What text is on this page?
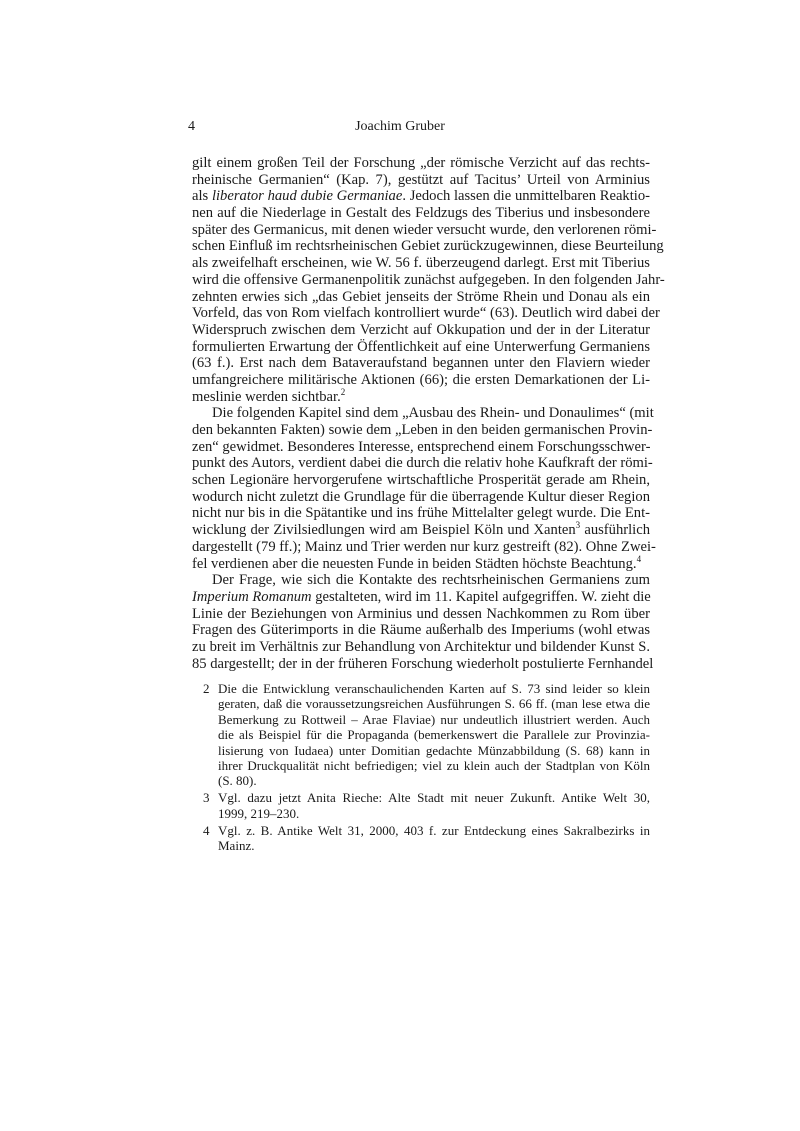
4	Joachim Gruber
gilt einem großen Teil der Forschung „der römische Verzicht auf das rechts-
rheinische Germanien“ (Kap. 7), gestützt auf Tacitus’ Urteil von Arminius
als liberator haud dubie Germaniae. Jedoch lassen die unmittelbaren Reaktio-
nen auf die Niederlage in Gestalt des Feldzugs des Tiberius und insbesondere
später des Germanicus, mit denen wieder versucht wurde, den verlorenen römi-
schen Einfluß im rechtsrheinischen Gebiet zurückzugewinnen, diese Beurteilung
als zweifelhaft erscheinen, wie W. 56 f. überzeugend darlegt. Erst mit Tiberius
wird die offensive Germanenpolitik zunächst aufgegeben. In den folgenden Jahr-
zehnten erwies sich „das Gebiet jenseits der Ströme Rhein und Donau als ein
Vorfeld, das von Rom vielfach kontrolliert wurde“ (63). Deutlich wird dabei der
Widerspruch zwischen dem Verzicht auf Okkupation und der in der Literatur
formulierten Erwartung der Öffentlichkeit auf eine Unterwerfung Germaniens
(63 f.). Erst nach dem Bataveraufstand begannen unter den Flaviern wieder
umfangreichere militärische Aktionen (66); die ersten Demarkationen der Li-
meslinie werden sichtbar.$^2$
Die folgenden Kapitel sind dem „Ausbau des Rhein- und Donaulimes“ (mit
den bekannten Fakten) sowie dem „Leben in den beiden germanischen Provin-
zen“ gewidmet. Besonderes Interesse, entsprechend einem Forschungsschwer-
punkt des Autors, verdient dabei die durch die relativ hohe Kaufkraft der römi-
schen Legionäre hervorgerufene wirtschaftliche Prosperität gerade am Rhein,
wodurch nicht zuletzt die Grundlage für die überragende Kultur dieser Region
nicht nur bis in die Spätantike und ins frühe Mittelalter gelegt wurde. Die Ent-
wicklung der Zivilsiedlungen wird am Beispiel Köln und Xanten$^3$ ausführlich
dargestellt (79 ff.); Mainz und Trier werden nur kurz gestreift (82). Ohne Zwei-
fel verdienen aber die neuesten Funde in beiden Städten höchste Beachtung.$^4$
Der Frage, wie sich die Kontakte des rechtsrheinischen Germaniens zum
Imperium Romanum gestalteten, wird im 11. Kapitel aufgegriffen. W. zieht die
Linie der Beziehungen von Arminius und dessen Nachkommen zu Rom über
Fragen des Güterimports in die Räume außerhalb des Imperiums (wohl etwas
zu breit im Verhältnis zur Behandlung von Architektur und bildender Kunst S.
85 dargestellt; der in der früheren Forschung wiederholt postulierte Fernhandel
2 Die die Entwicklung veranschaulichenden Karten auf S. 73 sind leider so klein
geraten, daß die voraussetzungsreichen Ausführungen S. 66 ff. (man lese etwa die
Bemerkung zu Rottweil – Arae Flaviae) nur undeutlich illustriert werden. Auch
die als Beispiel für die Propaganda (bemerkenswert die Parallele zur Provinzia-
lisierung von Iudaea) unter Domitian gedachte Münzabbildung (S. 68) kann in
ihrer Druckqualität nicht befriedigen; viel zu klein auch der Stadtplan von Köln
(S. 80).
3 Vgl. dazu jetzt Anita Rieche: Alte Stadt mit neuer Zukunft. Antike Welt 30,
1999, 219–230.
4 Vgl. z. B. Antike Welt 31, 2000, 403 f. zur Entdeckung eines Sakralbezirks in
Mainz.
